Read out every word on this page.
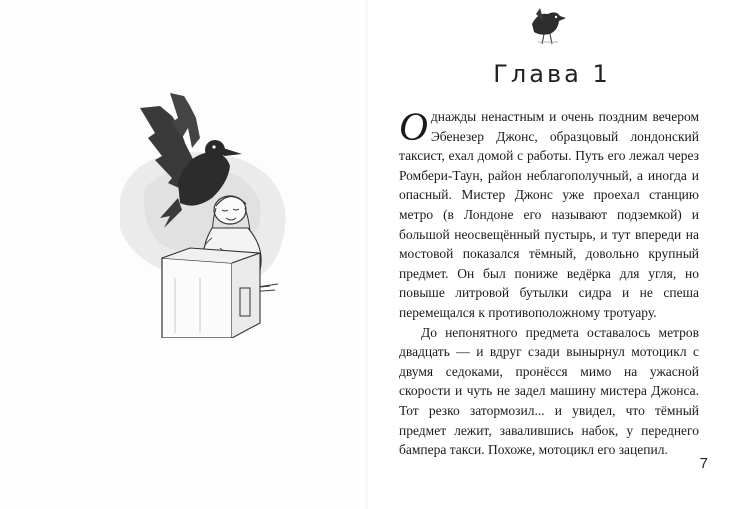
Глава 1

Однажды ненастным и очень поздним вечером Эбенезер Джонс, образцовый лондонский таксист, ехал домой с работы. Путь его лежал через Ромбери-Таун, район неблагополучный, а иногда и опасный. Мистер Джонс уже проехал станцию метро (в Лондоне его называют подземкой) и большой неосвещённый пустырь, и тут впереди на мостовой показался тёмный, довольно крупный предмет. Он был пониже ведёрка для угля, но повыше литровой бутылки сидра и не спеша перемещался к противоположному тротуару.

До непонятного предмета оставалось метров двадцать — и вдруг сзади вынырнул мотоцикл с двумя седоками, пронёсся мимо на ужасной скорости и чуть не задел машину мистера Джонса. Тот резко затормозил... и увидел, что тёмный предмет лежит, завалившись набок, у переднего бампера такси. Похоже, мотоцикл его зацепил.

7
